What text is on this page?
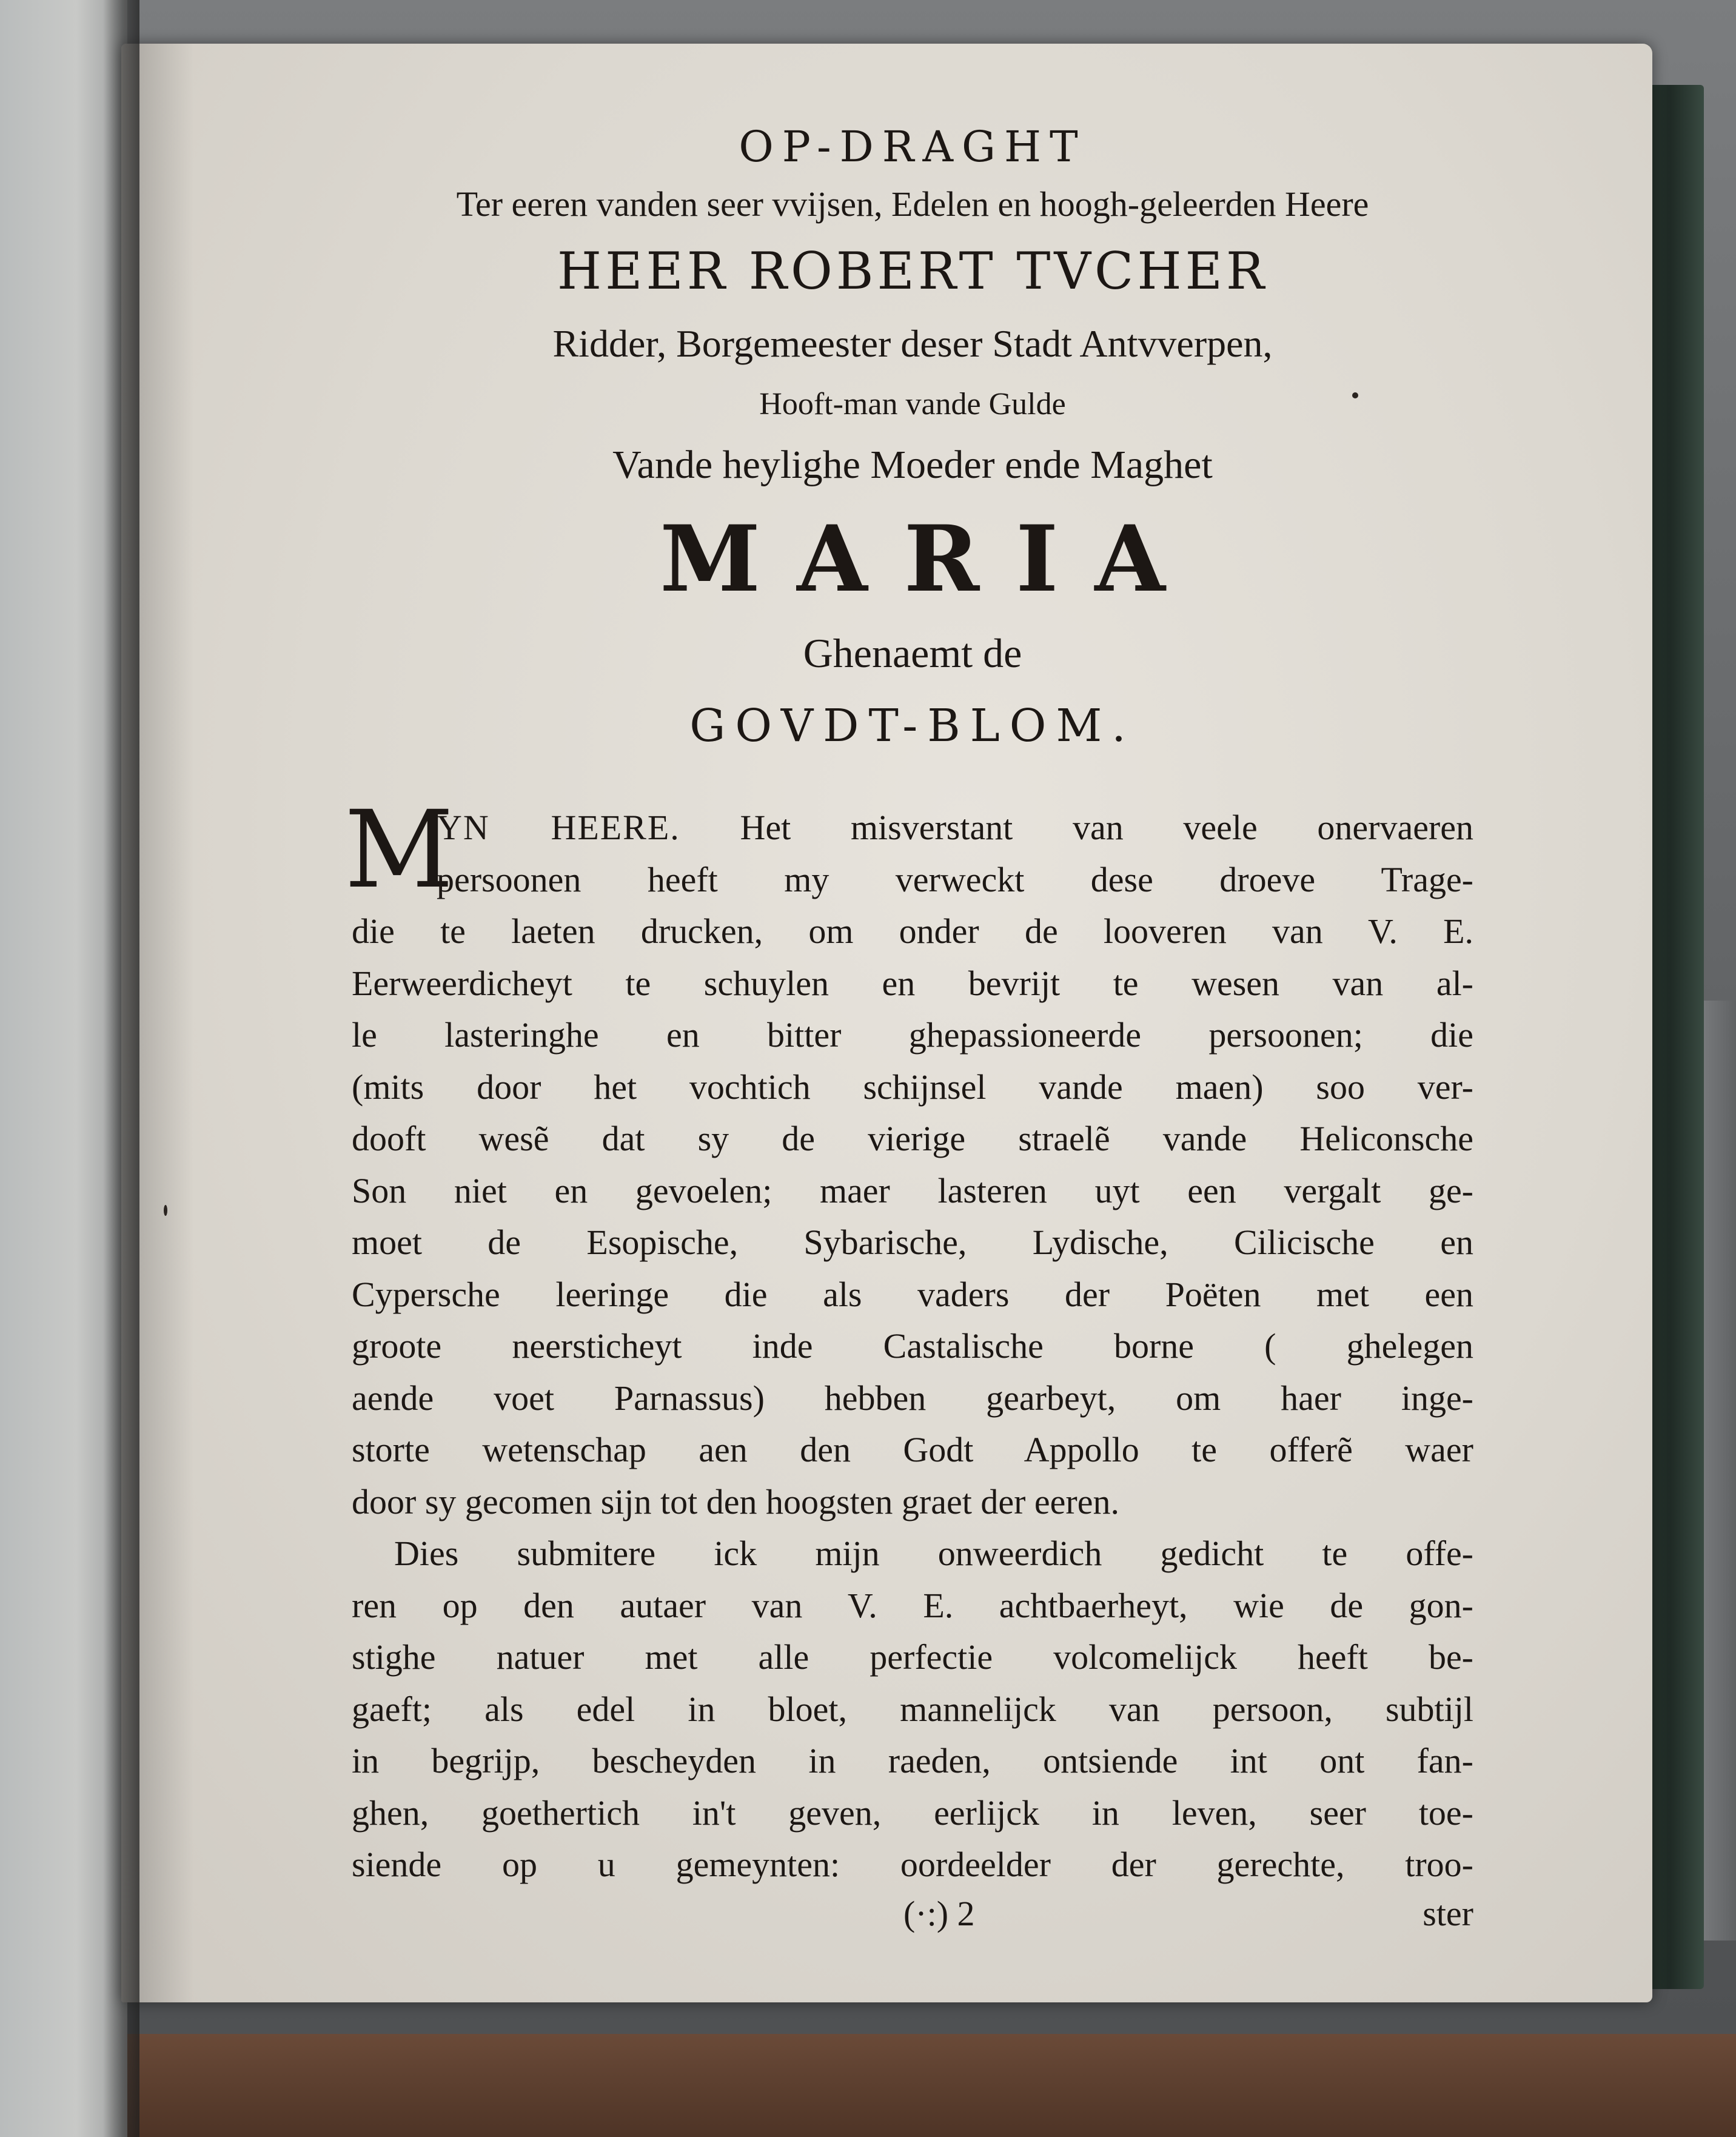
OP-DRAGHT
Ter eeren vanden seer vvijsen, Edelen en hoogh-geleerden Heere
HEER ROBERT TVCHER
Ridder, Borgemeester deser Stadt Antvverpen,
Hooft-man vande Gulde
Vande heylighe Moeder ende Maghet
MARIA
Ghenaemt de
GOVDT-BLOM.
M
YN HEERE. Het misverstant van veele onervaeren
persoonen heeft my verweckt dese droeve Trage-
die te laeten drucken, om onder de looveren van V. E.
Eerweerdicheyt te schuylen en bevrijt te wesen van al-
le lasteringhe en bitter ghepassioneerde persoonen; die
(mits door het vochtich schijnsel vande maen) soo ver-
dooft wesẽ dat sy de vierige straelẽ vande Heliconsche
Son niet en gevoelen; maer lasteren uyt een vergalt ge-
moet de Esopische, Sybarische, Lydische, Cilicische en
Cypersche leeringe die als vaders der Poëten met een
groote neersticheyt inde Castalische borne ( ghelegen
aende voet Parnassus) hebben gearbeyt, om haer inge-
storte wetenschap aen den Godt Appollo te offerẽ waer
door sy gecomen sijn tot den hoogsten graet der eeren.
Dies submitere ick mijn onweerdich gedicht te offe-
ren op den autaer van V. E. achtbaerheyt, wie de gon-
stighe natuer met alle perfectie volcomelijck heeft be-
gaeft; als edel in bloet, mannelijck van persoon, subtijl
in begrijp, bescheyden in raeden, ontsiende int ont fan-
ghen, goethertich in't geven, eerlijck in leven, seer toe-
siende op u gemeynten: oordeelder der gerechte, troo-
(·:) 2	ster
